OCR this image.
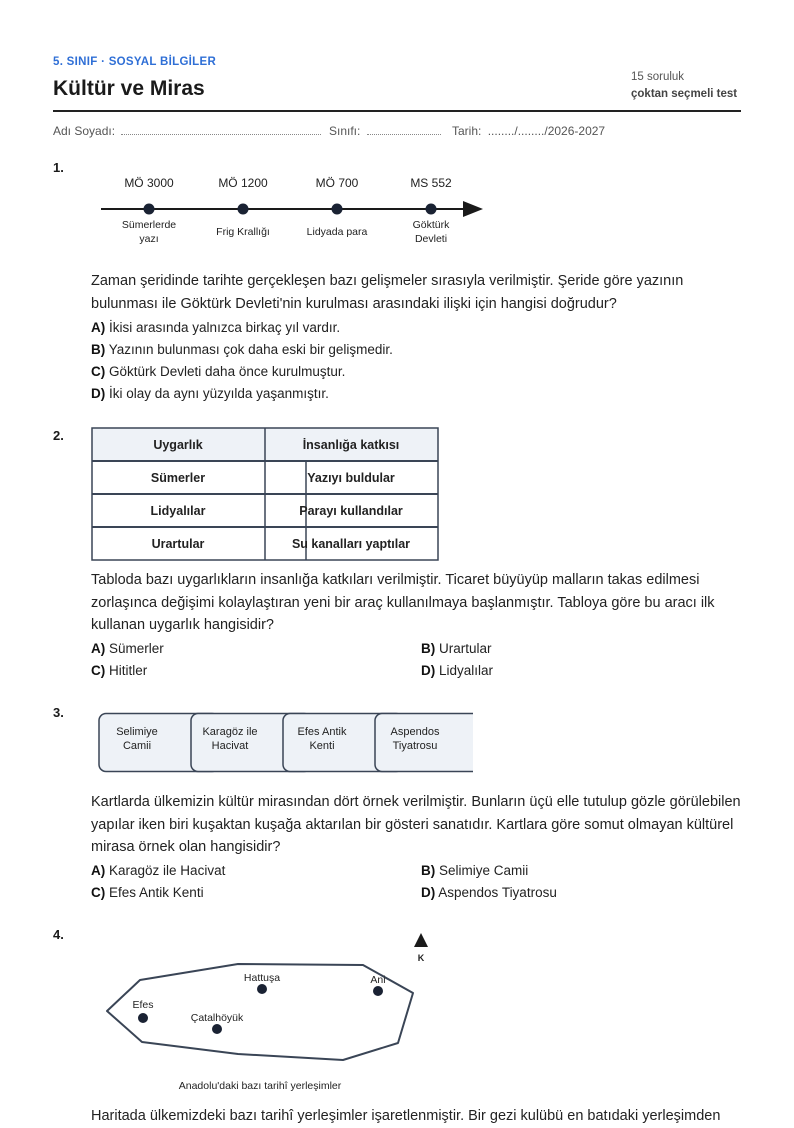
5. SINIF · SOSYAL BİLGİLER
Kültür ve Miras	15 soruluk
çoktan seçmeli test
Adı Soyadı:	Sınıfı:	Tarih: ......../......../2026-2027
1.
MÖ 3000
Sümerlerde
yazı
MÖ 1200
Frig Krallığı
MÖ 700
Lidyada para
MS 552
Göktürk
Devleti
Zaman şeridinde tarihte gerçekleşen bazı gelişmeler sırasıyla verilmiştir. Şeride göre yazının bulunması ile Göktürk Devleti'nin kurulması arasındaki ilişki için hangisi doğrudur?
A) İkisi arasında yalnızca birkaç yıl vardır.
B) Yazının bulunması çok daha eski bir gelişmedir.
C) Göktürk Devleti daha önce kurulmuştur.
D) İki olay da aynı yüzyılda yaşanmıştır.
2.
Uygarlık	İnsanlığa katkısı
Sümerler	Yazıyı buldular
Lidyalılar	Parayı kullandılar
Urartular	Su kanalları yaptılar
Tabloda bazı uygarlıkların insanlığa katkıları verilmiştir. Ticaret büyüyüp malların takas edilmesi zorlaşınca değişimi kolaylaştıran yeni bir araç kullanılmaya başlanmıştır. Tabloya göre bu aracı ilk kullanan uygarlık hangisidir?
A) Sümerler	B) Urartular
C) Hititler	D) Lidyalılar
3.
Selimiye
Camii
Karagöz ile
Hacivat
Efes Antik
Kenti
Aspendos
Tiyatrosu
Kartlarda ülkemizin kültür mirasından dört örnek verilmiştir. Bunların üçü elle tutulup gözle görülebilen yapılar iken biri kuşaktan kuşağa aktarılan bir gösteri sanatıdır. Kartlara göre somut olmayan kültürel mirasa örnek olan hangisidir?
A) Karagöz ile Hacivat	B) Selimiye Camii
C) Efes Antik Kenti	D) Aspendos Tiyatrosu
4.
K
Hattuşa	Ani
Efes
Çatalhöyük
Anadolu'daki bazı tarihî yerleşimler
Haritada ülkemizdeki bazı tarihî yerleşimler işaretlenmiştir. Bir gezi kulübü en batıdaki yerleşimden
